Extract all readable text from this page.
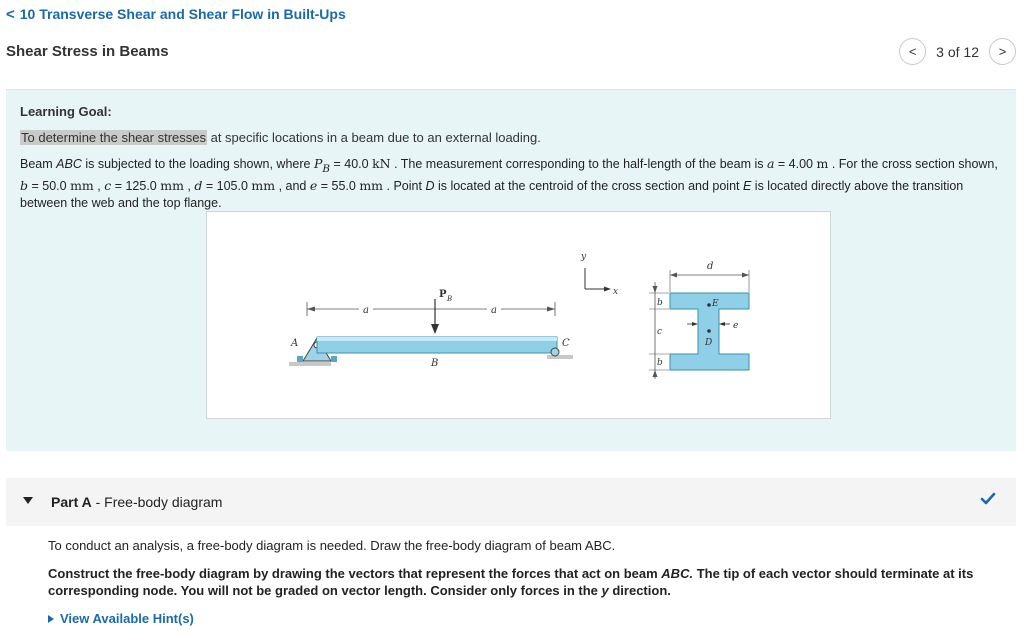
< 10 Transverse Shear and Shear Flow in Built-Ups
Shear Stress in Beams	< 3 of 12 >
Learning Goal:
To determine the shear stresses at specific locations in a beam due to an external loading.
Beam ABC is subjected to the loading shown, where $P_B = 40.0$ kN . The measurement corresponding to the half-length of the beam is a = 4.00 m . For the cross section shown, b = 50.0 mm , c = 125.0 mm , d = 105.0 mm , and e = 55.0 mm . Point D is located at the centroid of the cross section and point E is located directly above the transition between the web and the top flange.
a	a
P B
A
B
C
y
x
d
b
c
b
E
D
e
Part A - Free-body diagram
To conduct an analysis, a free-body diagram is needed. Draw the free-body diagram of beam ABC.
Construct the free-body diagram by drawing the vectors that represent the forces that act on beam ABC. The tip of each vector should terminate at its corresponding node. You will not be graded on vector length. Consider only forces in the y direction.
View Available Hint(s)
